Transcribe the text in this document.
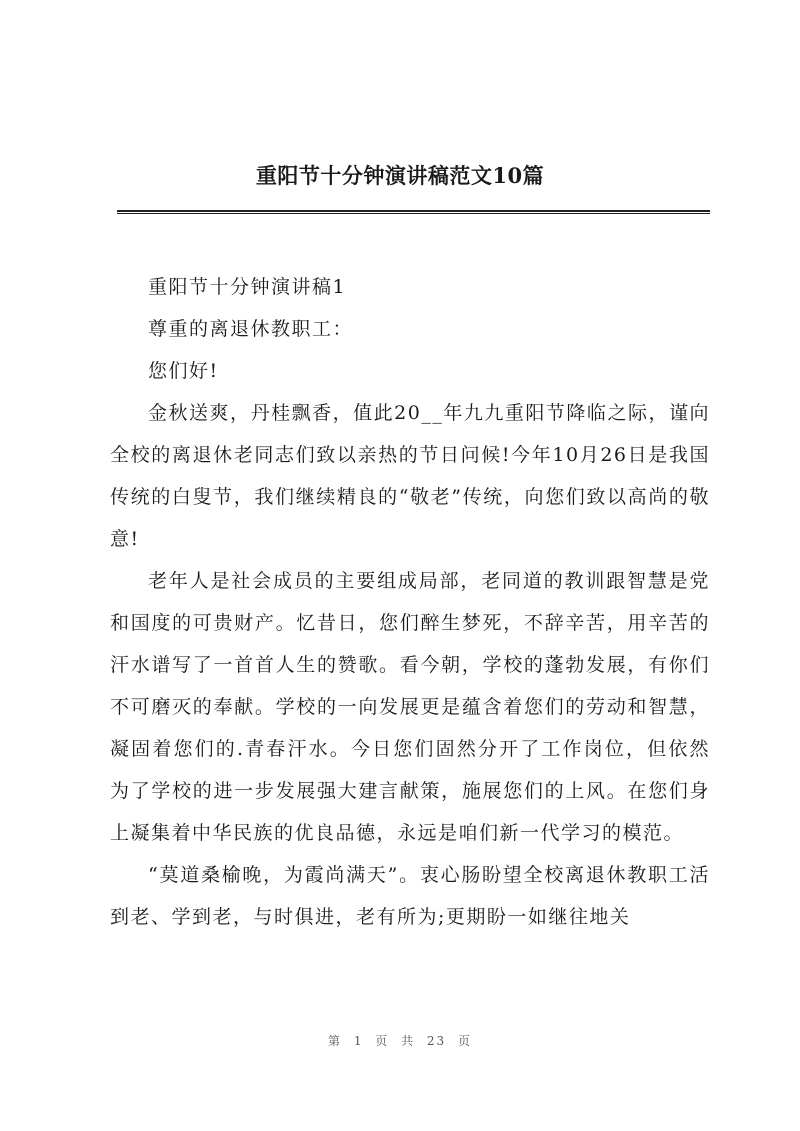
重阳节十分钟演讲稿范文10篇

重阳节十分钟演讲稿1

尊重的离退休教职工：

您们好!

金秋送爽，丹桂飘香，值此20__年九九重阳节降临之际，谨向全校的离退休老同志们致以亲热的节日问候!今年10月26日是我国传统的白叟节，我们继续精良的“敬老”传统，向您们致以高尚的敬意!

老年人是社会成员的主要组成局部，老同道的教训跟智慧是党和国度的可贵财产。忆昔日，您们醉生梦死，不辞辛苦，用辛苦的汗水谱写了一首首人生的赞歌。看今朝，学校的蓬勃发展，有你们不可磨灭的奉献。学校的一向发展更是蕴含着您们的劳动和智慧，凝固着您们的.青春汗水。今日您们固然分开了工作岗位，但依然为了学校的进一步发展强大建言献策，施展您们的上风。在您们身上凝集着中华民族的优良品德，永远是咱们新一代学习的模范。

“莫道桑榆晚，为霞尚满天”。衷心肠盼望全校离退休教职工活到老、学到老，与时俱进，老有所为;更期盼一如继往地关

第 1 页 共 23 页
